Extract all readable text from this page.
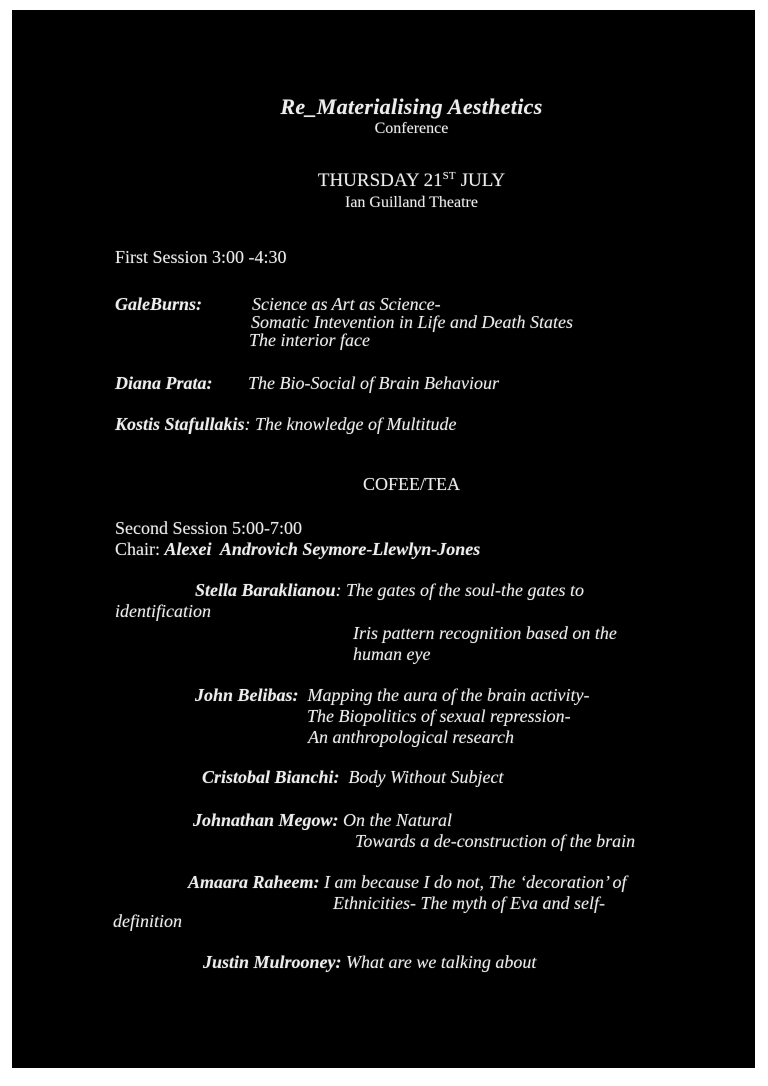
Re_Materialising Aesthetics
Conference
THURSDAY 21ST JULY
Ian Guilland Theatre
First Session 3:00 -4:30
GaleBurns:	Science as Art as Science-
Somatic Intevention in Life and Death States
The interior face
Diana Prata: The Bio-Social of Brain Behaviour
Kostis Stafullakis: The knowledge of Multitude
COFEE/TEA
Second Session 5:00-7:00
Chair: Alexei  Androvich Seymore-Llewlyn-Jones
Stella Baraklianou: The gates of the soul-the gates to
identification
Iris pattern recognition based on the
human eye
John Belibas:  Mapping the aura of the brain activity-
The Biopolitics of sexual repression-
An anthropological research
Cristobal Bianchi:  Body Without Subject
Johnathan Megow: On the Natural
Towards a de-construction of the brain
Amaara Raheem: I am because I do not, The ‘decoration’ of
Ethnicities- The myth of Eva and self-
definition
Justin Mulrooney: What are we talking about
